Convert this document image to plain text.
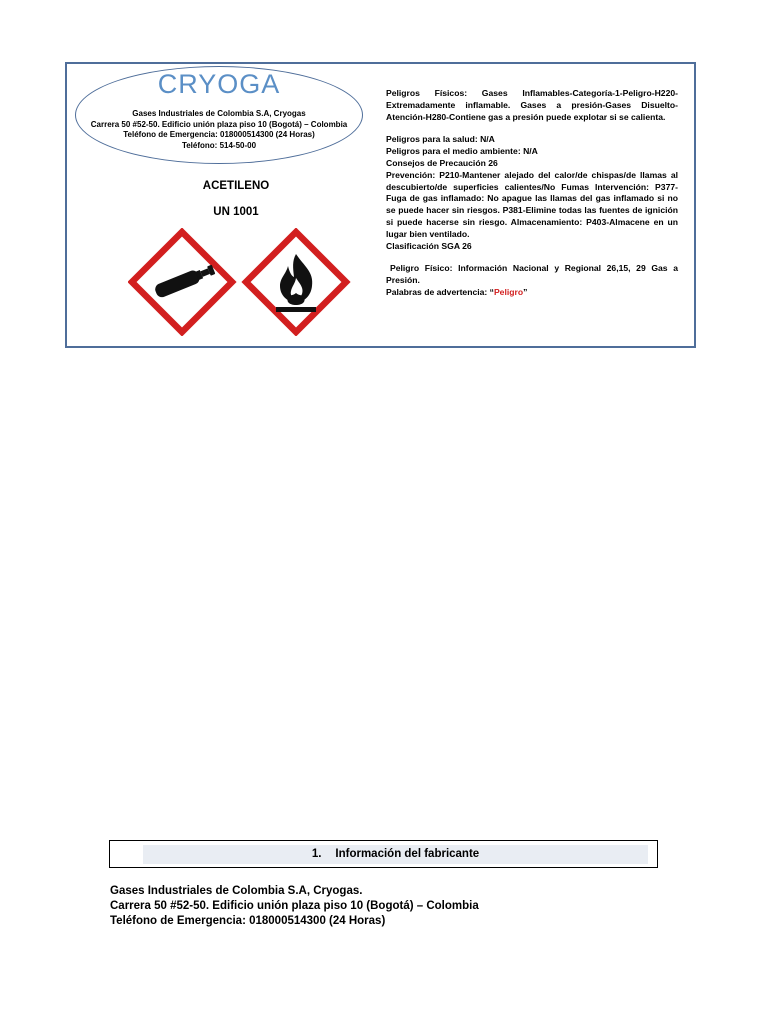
CRYOGA
Gases Industriales de Colombia S.A, Cryogas
Carrera 50 #52-50. Edificio unión plaza piso 10 (Bogotá) – Colombia
Teléfono de Emergencia: 018000514300 (24 Horas)
Teléfono: 514-50-00
ACETILENO
UN 1001

Peligros Físicos: Gases Inflamables-Categoría-1-Peligro-H220-Extremadamente inflamable. Gases a presión-Gases Disuelto-Atención-H280-Contiene gas a presión puede explotar si se calienta.

Peligros para la salud: N/A

Peligros para el medio ambiente: N/A

Consejos de Precaución 26

Prevención: P210-Mantener alejado del calor/de chispas/de llamas al descubierto/de superficies calientes/No Fumas Intervención: P377-Fuga de gas inflamado: No apague las llamas del gas inflamado si no se puede hacer sin riesgos. P381-Elimine todas las fuentes de ignición si puede hacerse sin riesgo. Almacenamiento: P403-Almacene en un lugar bien ventilado.

Clasificación SGA 26

Peligro Físico: Información Nacional y Regional 26,15, 29 Gas a Presión.

Palabras de advertencia: “Peligro”

1. Información del fabricante
Gases Industriales de Colombia S.A, Cryogas.
Carrera 50 #52-50. Edificio unión plaza piso 10 (Bogotá) – Colombia
Teléfono de Emergencia: 018000514300 (24 Horas)
